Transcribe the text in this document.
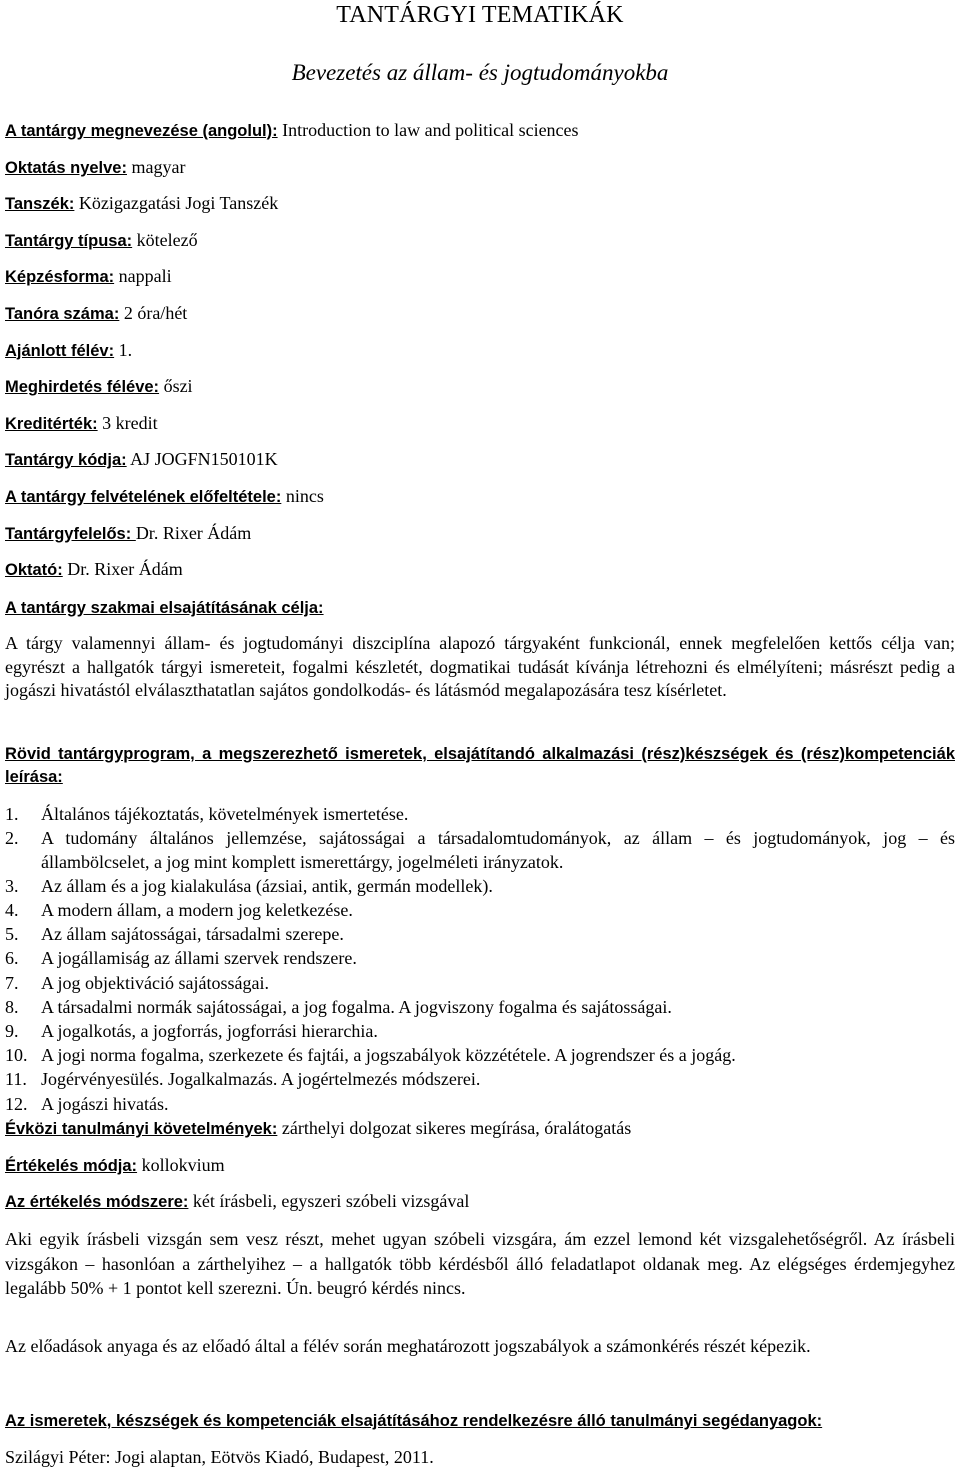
TANTÁRGYI TEMATIKÁK
Bevezetés az állam- és jogtudományokba
A tantárgy megnevezése (angolul): Introduction to law and political sciences
Oktatás nyelve: magyar
Tanszék: Közigazgatási Jogi Tanszék
Tantárgy típusa: kötelező
Képzésforma: nappali
Tanóra száma: 2 óra/hét
Ajánlott félév: 1.
Meghirdetés féléve: őszi
Kreditérték: 3 kredit
Tantárgy kódja: AJ JOGFN150101K
A tantárgy felvételének előfeltétele: nincs
Tantárgyfelelős: Dr. Rixer Ádám
Oktató: Dr. Rixer Ádám
A tantárgy szakmai elsajátításának célja:
A tárgy valamennyi állam- és jogtudományi diszciplína alapozó tárgyaként funkcionál, ennek megfelelően kettős célja van; egyrészt a hallgatók tárgyi ismereteit, fogalmi készletét, dogmatikai tudását kívánja létrehozni és elmélyíteni; másrészt pedig a jogászi hivatástól elválaszthatatlan sajátos gondolkodás- és látásmód megalapozására tesz kísérletet.
Rövid tantárgyprogram, a megszerezhető ismeretek, elsajátítandó alkalmazási (rész)készségek és (rész)kompetenciák leírása:
1.	Általános tájékoztatás, követelmények ismertetése.
2.	A tudomány általános jellemzése, sajátosságai a társadalomtudományok, az állam – és jogtudományok, jog – és állambölcselet, a jog mint komplett ismerettárgy, jogelméleti irányzatok.
3.	Az állam és a jog kialakulása (ázsiai, antik, germán modellek).
4.	A modern állam, a modern jog keletkezése.
5.	Az állam sajátosságai, társadalmi szerepe.
6.	A jogállamiság az állami szervek rendszere.
7.	A jog objektiváció sajátosságai.
8.	A társadalmi normák sajátosságai, a jog fogalma. A jogviszony fogalma és sajátosságai.
9.	A jogalkotás, a jogforrás, jogforrási hierarchia.
10. A jogi norma fogalma, szerkezete és fajtái, a jogszabályok közzététele. A jogrendszer és a jogág.
11. Jogérvényesülés. Jogalkalmazás. A jogértelmezés módszerei.
12. A jogászi hivatás.
Évközi tanulmányi követelmények: zárthelyi dolgozat sikeres megírása, óralátogatás
Értékelés módja: kollokvium
Az értékelés módszere: két írásbeli, egyszeri szóbeli vizsgával
Aki egyik írásbeli vizsgán sem vesz részt, mehet ugyan szóbeli vizsgára, ám ezzel lemond két vizsgalehetőségről. Az írásbeli vizsgákon – hasonlóan a zárthelyihez – a hallgatók több kérdésből álló feladatlapot oldanak meg. Az elégséges érdemjegyhez legalább 50% + 1 pontot kell szerezni. Ún. beugró kérdés nincs.
Az előadások anyaga és az előadó által a félév során meghatározott jogszabályok a számonkérés részét képezik.
Az ismeretek, készségek és kompetenciák elsajátításához rendelkezésre álló tanulmányi segédanyagok:
Szilágyi Péter: Jogi alaptan, Eötvös Kiadó, Budapest, 2011.
